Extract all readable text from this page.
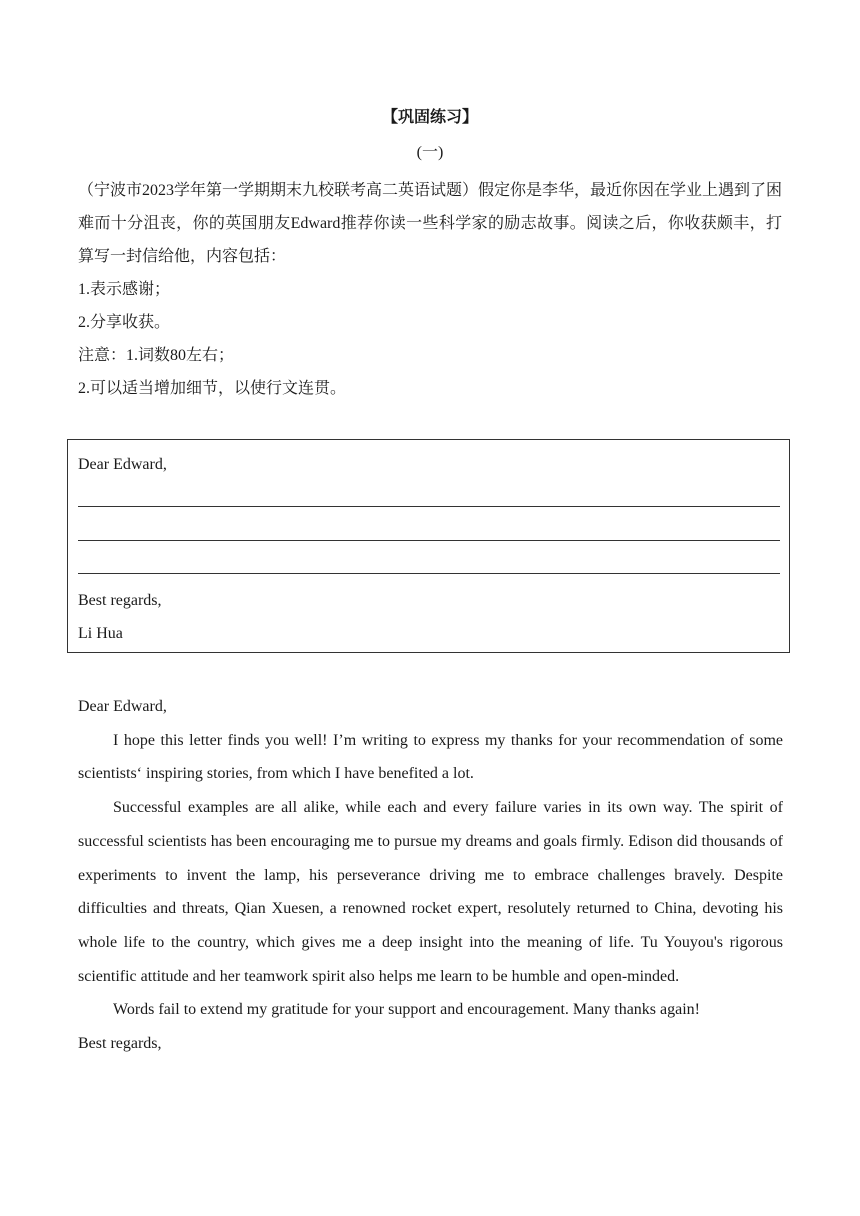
【巩固练习】
(一)

（宁波市2023学年第一学期期末九校联考高二英语试题）假定你是李华，最近你因在学业上遇到了困难而十分沮丧，你的英国朋友Edward推荐你读一些科学家的励志故事。阅读之后，你收获颇丰，打算写一封信给他，内容包括：

1.表示感谢；

2.分享收获。

注意：1.词数80左右；

2.可以适当增加细节，以使行文连贯。

Dear Edward,
Best regards,
Li Hua

Dear Edward,

I hope this letter finds you well! I’m writing to express my thanks for your recommendation of some scientists‘ inspiring stories, from which I have benefited a lot.

Successful examples are all alike, while each and every failure varies in its own way. The spirit of successful scientists has been encouraging me to pursue my dreams and goals firmly. Edison did thousands of experiments to invent the lamp, his perseverance driving me to embrace challenges bravely. Despite difficulties and threats, Qian Xuesen, a renowned rocket expert, resolutely returned to China, devoting his whole life to the country, which gives me a deep insight into the meaning of life. Tu Youyou's rigorous scientific attitude and her teamwork spirit also helps me learn to be humble and open-minded.

Words fail to extend my gratitude for your support and encouragement. Many thanks again!

Best regards,
